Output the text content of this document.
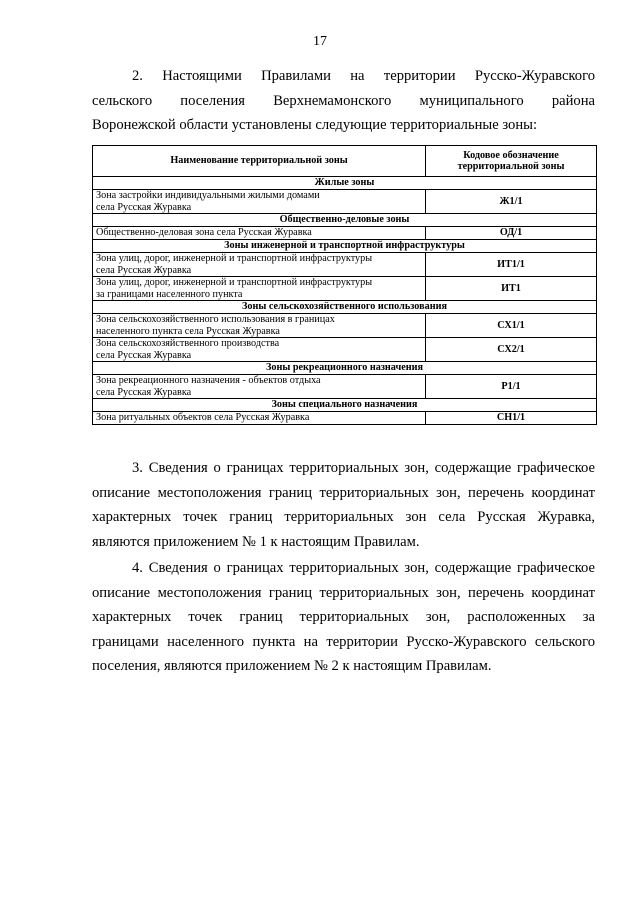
17
2. Настоящими Правилами на территории Русско-Журавского
сельского поселения Верхнемамонского муниципального района
Воронежской области установлены следующие территориальные зоны:
Наименование территориальной зоны	Кодовое обозначение
территориальной зоны
Жилые зоны	
Зона застройки индивидуальными жилыми домами
села Русская Журавка	Ж1/1
Общественно-деловые зоны	
Общественно-деловая зона села Русская Журавка	ОД/1
Зоны инженерной и транспортной инфраструктуры	
Зона улиц, дорог, инженерной и транспортной инфраструктуры
села Русская Журавка	ИТ1/1
Зона улиц, дорог, инженерной и транспортной инфраструктуры
за границами населенного пункта	ИТ1
Зоны сельскохозяйственного использования	
Зона сельскохозяйственного использования в границах
населенного пункта села Русская Журавка	СХ1/1
Зона сельскохозяйственного производства
села Русская Журавка	СХ2/1
Зоны рекреационного назначения	
Зона рекреационного назначения - объектов отдыха
села Русская Журавка	Р1/1
Зоны специального назначения	
Зона ритуальных объектов села Русская Журавка	СН1/1
3. Сведения о границах территориальных зон, содержащие графическое
описание местоположения границ территориальных зон, перечень координат
характерных точек границ территориальных зон села Русская Журавка,
являются приложением № 1 к настоящим Правилам.
4. Сведения о границах территориальных зон, содержащие графическое
описание местоположения границ территориальных зон, перечень координат
характерных точек границ территориальных зон, расположенных за
границами населенного пункта на территории Русско-Журавского сельского
поселения, являются приложением № 2 к настоящим Правилам.
